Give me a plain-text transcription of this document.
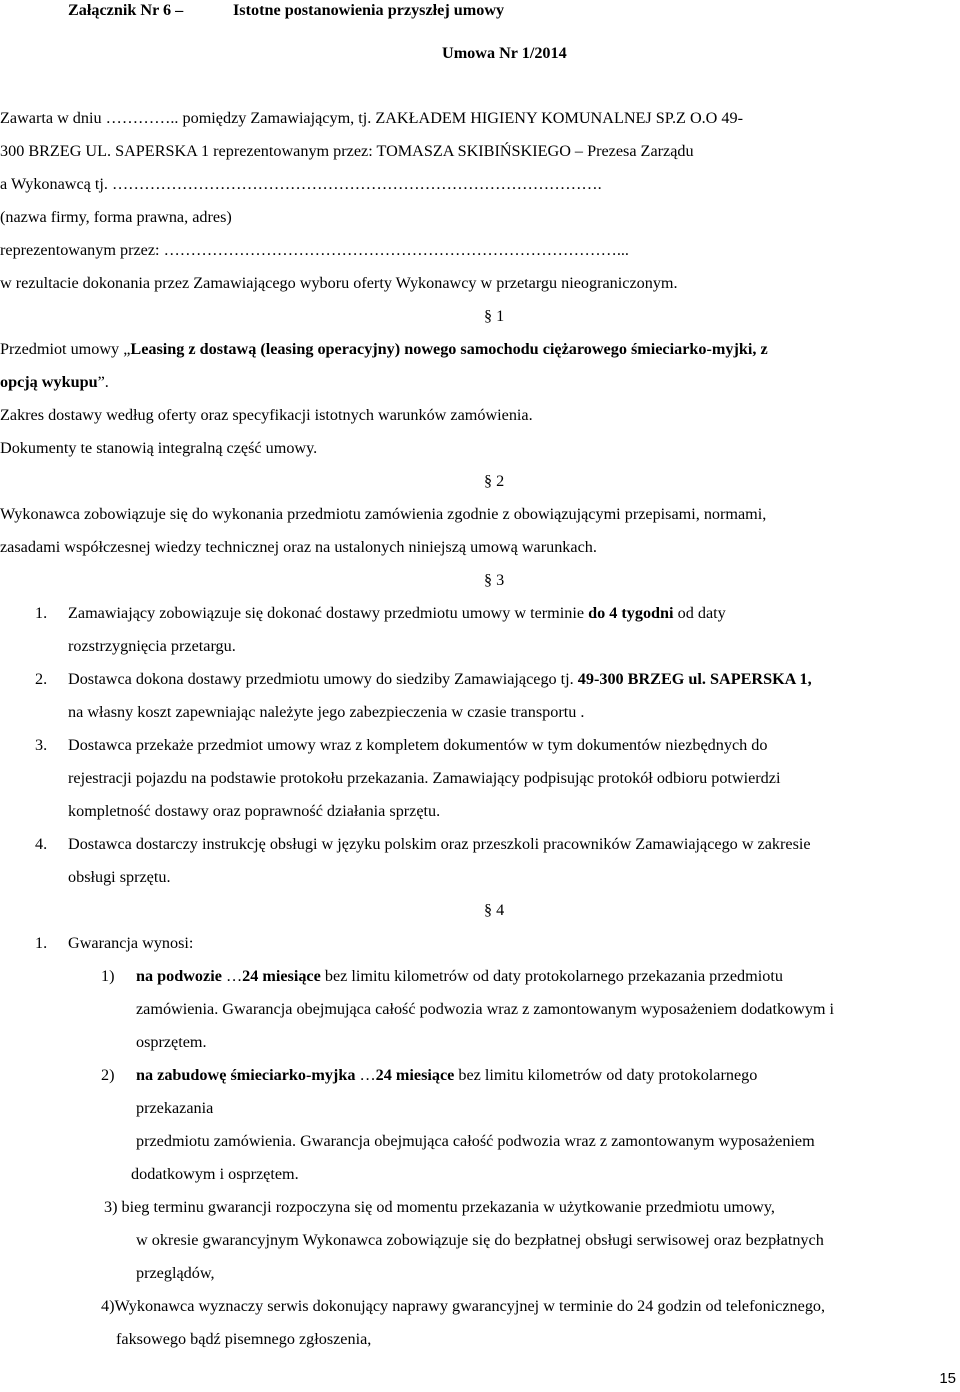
Załącznik Nr 6 –	Istotne postanowienia przyszłej umowy
Umowa Nr 1/2014
Zawarta w dniu ………….. pomiędzy Zamawiającym, tj. ZAKŁADEM HIGIENY KOMUNALNEJ SP.Z O.O 49-
300 BRZEG UL. SAPERSKA 1 reprezentowanym przez: TOMASZA SKIBIŃSKIEGO – Prezesa Zarządu
a Wykonawcą tj. ……………………………………………………………………………….
(nazwa firmy, forma prawna, adres)
reprezentowanym przez: …………………………………………………………………………...
w rezultacie dokonania przez Zamawiającego wyboru oferty Wykonawcy w przetargu nieograniczonym.
§ 1
Przedmiot umowy „Leasing z dostawą (leasing operacyjny) nowego samochodu ciężarowego śmieciarko-myjki, z
opcją wykupu”.
Zakres dostawy według oferty oraz specyfikacji istotnych warunków zamówienia.
Dokumenty te stanowią integralną część umowy.
§ 2
Wykonawca zobowiązuje się do wykonania przedmiotu zamówienia zgodnie z obowiązującymi przepisami, normami,
zasadami współczesnej wiedzy technicznej oraz na ustalonych niniejszą umową warunkach.
§ 3
1. Zamawiający zobowiązuje się dokonać dostawy przedmiotu umowy w terminie do 4 tygodni od daty
rozstrzygnięcia przetargu.
2. Dostawca dokona dostawy przedmiotu umowy do siedziby Zamawiającego tj. 49-300 BRZEG ul. SAPERSKA 1,
na własny koszt zapewniając należyte jego zabezpieczenia w czasie transportu .
3. Dostawca przekaże przedmiot umowy wraz z kompletem dokumentów w tym dokumentów niezbędnych do
rejestracji pojazdu na podstawie protokołu przekazania. Zamawiający podpisując protokół odbioru potwierdzi
kompletność dostawy oraz poprawność działania sprzętu.
4. Dostawca dostarczy instrukcję obsługi w języku polskim oraz przeszkoli pracowników Zamawiającego w zakresie
obsługi sprzętu.
§ 4
1. Gwarancja wynosi:
1) na podwozie …24 miesiące bez limitu kilometrów od daty protokolarnego przekazania przedmiotu
zamówienia. Gwarancja obejmująca całość podwozia wraz z zamontowanym wyposażeniem dodatkowym i
osprzętem.
2) na zabudowę śmieciarko-myjka …24 miesiące bez limitu kilometrów od daty protokolarnego
przekazania
przedmiotu zamówienia. Gwarancja obejmująca całość podwozia wraz z zamontowanym wyposażeniem
dodatkowym i osprzętem.
3) bieg terminu gwarancji rozpoczyna się od momentu przekazania w użytkowanie przedmiotu umowy,
w okresie gwarancyjnym Wykonawca zobowiązuje się do bezpłatnej obsługi serwisowej oraz bezpłatnych
przeglądów,
4)Wykonawca wyznaczy serwis dokonujący naprawy gwarancyjnej w terminie do 24 godzin od telefonicznego,
faksowego bądź pisemnego zgłoszenia,
15
